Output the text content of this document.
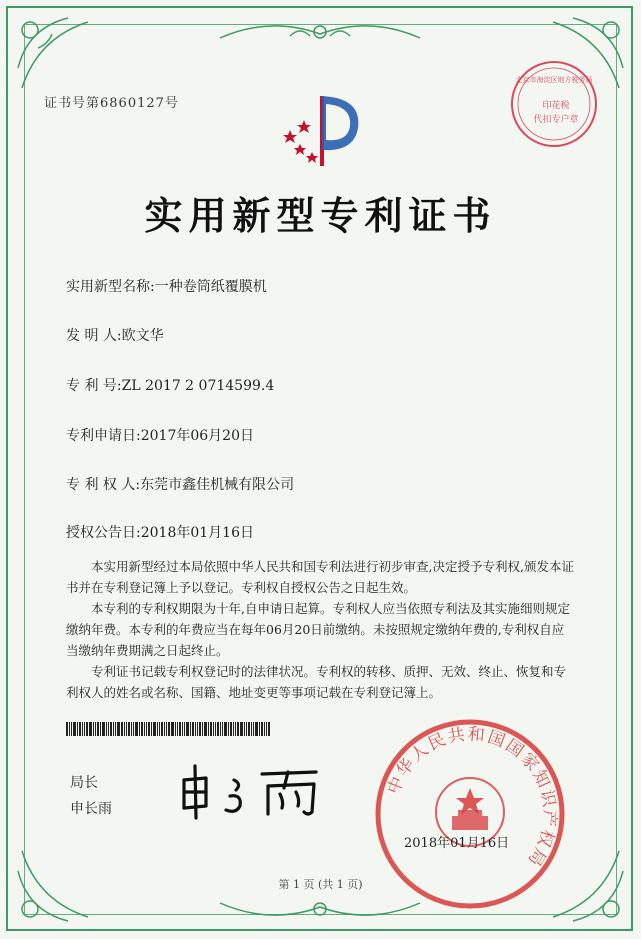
证书号第6860127号
北京市海淀区地方税务局
印花税
代扣专户章
实用新型专利证书
实用新型名称:一种卷筒纸覆膜机
发 明 人:欧文华
专 利 号:ZL 2017 2 0714599.4
专利申请日:2017年06月20日
专 利 权 人:东莞市鑫佳机械有限公司
授权公告日:2018年01月16日

本实用新型经过本局依照中华人民共和国专利法进行初步审查,决定授予专利权,颁发本证书并在专利登记簿上予以登记。专利权自授权公告之日起生效。

本专利的专利权期限为十年,自申请日起算。专利权人应当依照专利法及其实施细则规定缴纳年费。本专利的年费应当在每年06月20日前缴纳。未按照规定缴纳年费的,专利权自应当缴纳年费期满之日起终止。

专利证书记载专利权登记时的法律状况。专利权的转移、质押、无效、终止、恢复和专利权人的姓名或名称、国籍、地址变更等事项记载在专利登记簿上。

局长
申长雨
中华人民共和国国家知识产权局
2018年01月16日
第 1 页 (共 1 页)
